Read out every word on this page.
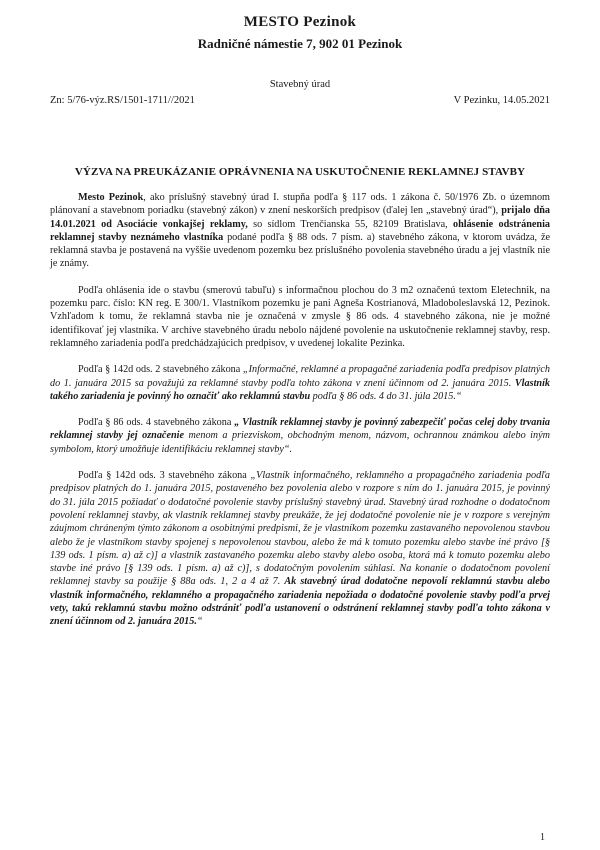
MESTO Pezinok
Radničné námestie 7, 902 01 Pezinok
Stavebný úrad
Zn: 5/76-výz.RS/1501-1711//2021	V Pezinku, 14.05.2021
VÝZVA NA PREUKÁZANIE OPRÁVNENIA NA USKUTOČNENIE REKLAMNEJ STAVBY

Mesto Pezinok, ako príslušný stavebný úrad I. stupňa podľa § 117 ods. 1 zákona č. 50/1976 Zb. o územnom plánovaní a stavebnom poriadku (stavebný zákon) v znení neskorších predpisov (ďalej len „stavebný úrad“), prijalo dňa 14.01.2021 od Asociácie vonkajšej reklamy, so sídlom Trenčianska 55, 82109 Bratislava, ohlásenie odstránenia reklamnej stavby neznámeho vlastníka podané podľa § 88 ods. 7 písm. a) stavebného zákona, v ktorom uvádza, že reklamná stavba je postavená na vyššie uvedenom pozemku bez príslušného povolenia stavebného úradu a jej vlastník nie je známy.

Podľa ohlásenia ide o stavbu (smerovú tabuľu) s informačnou plochou do 3 m2 označenú textom Eletechnik, na pozemku parc. číslo: KN reg. E 300/1. Vlastníkom pozemku je pani Agneša Kostrianová, Mladoboleslavská 12, Pezinok. Vzhľadom k tomu, že reklamná stavba nie je označená v zmysle § 86 ods. 4 stavebného zákona, nie je možné identifikovať jej vlastníka. V archíve stavebného úradu nebolo nájdené povolenie na uskutočnenie reklamnej stavby, resp. reklamného zariadenia podľa predchádzajúcich predpisov, v uvedenej lokalite Pezinka.

Podľa § 142d ods. 2 stavebného zákona „Informačné, reklamné a propagačné zariadenia podľa predpisov platných do 1. januára 2015 sa považujú za reklamné stavby podľa tohto zákona v znení účinnom od 2. januára 2015. Vlastník takého zariadenia je povinný ho označiť ako reklamnú stavbu podľa § 86 ods. 4 do 31. júla 2015.“

Podľa § 86 ods. 4 stavebného zákona „ Vlastník reklamnej stavby je povinný zabezpečiť počas celej doby trvania reklamnej stavby jej označenie menom a priezviskom, obchodným menom, názvom, ochrannou známkou alebo iným symbolom, ktorý umožňuje identifikáciu reklamnej stavby“.

Podľa § 142d ods. 3 stavebného zákona „Vlastník informačného, reklamného a propagačného zariadenia podľa predpisov platných do 1. januára 2015, postaveného bez povolenia alebo v rozpore s ním do 1. januára 2015, je povinný do 31. júla 2015 požiadať o dodatočné povolenie stavby príslušný stavebný úrad. Stavebný úrad rozhodne o dodatočnom povolení reklamnej stavby, ak vlastník reklamnej stavby preukáže, že jej dodatočné povolenie nie je v rozpore s verejným záujmom chráneným týmto zákonom a osobitnými predpismi, že je vlastníkom pozemku zastavaného nepovolenou stavbou alebo že je vlastníkom stavby spojenej s nepovolenou stavbou, alebo že má k tomuto pozemku alebo stavbe iné právo [§ 139 ods. 1 písm. a) až c)] a vlastník zastavaného pozemku alebo stavby alebo osoba, ktorá má k tomuto pozemku alebo stavbe iné právo [§ 139 ods. 1 písm. a) až c)], s dodatočným povolením súhlasí. Na konanie o dodatočnom povolení reklamnej stavby sa použije § 88a ods. 1, 2 a 4 až 7. Ak stavebný úrad dodatočne nepovolí reklamnú stavbu alebo vlastník informačného, reklamného a propagačného zariadenia nepožiada o dodatočné povolenie stavby podľa prvej vety, takú reklamnú stavbu možno odstrániť podľa ustanovení o odstránení reklamnej stavby podľa tohto zákona v znení účinnom od 2. januára 2015.“

1
